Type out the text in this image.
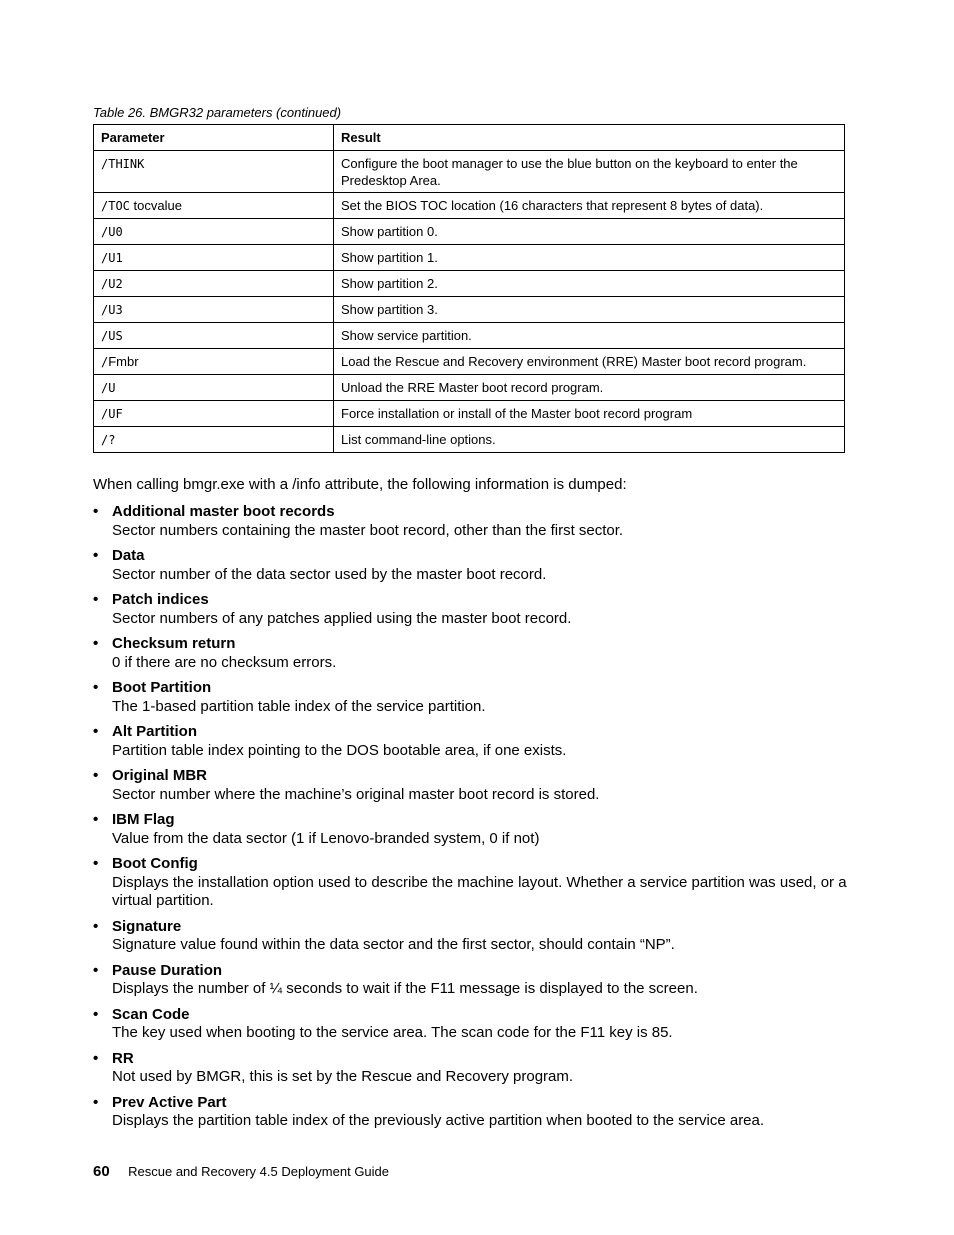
Table 26. BMGR32 parameters (continued)
Parameter	Result
/THINK	Configure the boot manager to use the blue button on the keyboard to enter the Predesktop Area.
/TOC tocvalue	Set the BIOS TOC location (16 characters that represent 8 bytes of data).
/U0	Show partition 0.
/U1	Show partition 1.
/U2	Show partition 2.
/U3	Show partition 3.
/US	Show service partition.
/Fmbr	Load the Rescue and Recovery environment (RRE) Master boot record program.
/U	Unload the RRE Master boot record program.
/UF	Force installation or install of the Master boot record program
/?	List command-line options.
When calling bmgr.exe with a /info attribute, the following information is dumped:
• Additional master boot records
Sector numbers containing the master boot record, other than the first sector.
• Data
Sector number of the data sector used by the master boot record.
• Patch indices
Sector numbers of any patches applied using the master boot record.
• Checksum return
0 if there are no checksum errors.
• Boot Partition
The 1-based partition table index of the service partition.
• Alt Partition
Partition table index pointing to the DOS bootable area, if one exists.
• Original MBR
Sector number where the machine’s original master boot record is stored.
• IBM Flag
Value from the data sector (1 if Lenovo-branded system, 0 if not)
• Boot Config
Displays the installation option used to describe the machine layout. Whether a service partition was used, or a virtual partition.
• Signature
Signature value found within the data sector and the first sector, should contain “NP”.
• Pause Duration
Displays the number of ¼ seconds to wait if the F11 message is displayed to the screen.
• Scan Code
The key used when booting to the service area. The scan code for the F11 key is 85.
• RR
Not used by BMGR, this is set by the Rescue and Recovery program.
• Prev Active Part
Displays the partition table index of the previously active partition when booted to the service area.
60 Rescue and Recovery 4.5 Deployment Guide
